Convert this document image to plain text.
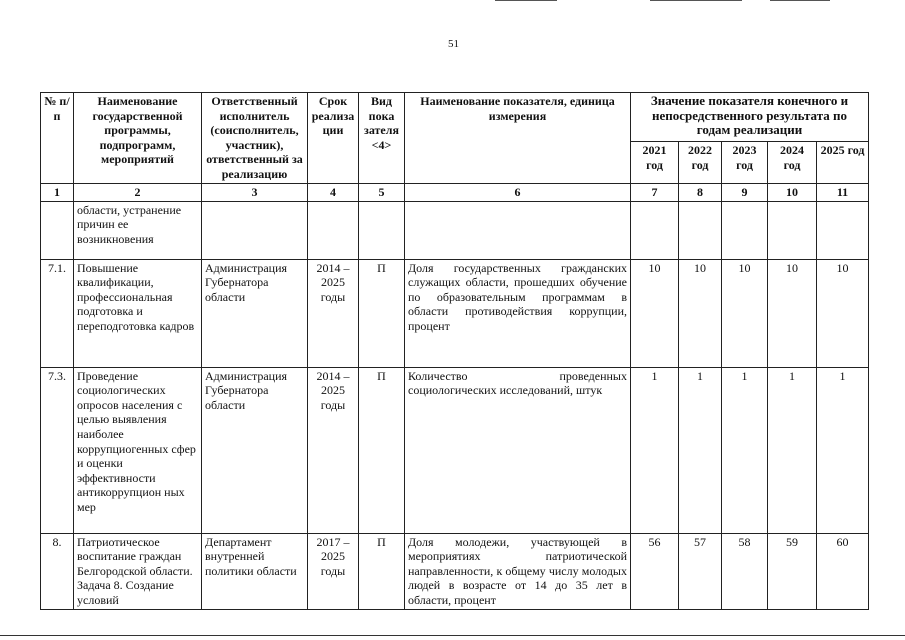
51
№ п/п	Наименование государственной программы, подпрограмм, мероприятий	Ответственный исполнитель (соисполнитель, участник), ответственный за реализацию	Срок реализа ции	Вид пока зателя <4>	Наименование показателя, единица измерения	Значение показателя конечного и непосредственного результата по годам реализации				
						2021 год	2022 год	2023 год	2024 год	2025 год
1	2	3	4	5	6	7	8	9	10	11
	области, устранение причин ее возникновения									
7.1.	Повышение квалификации, профессиональная подготовка и переподготовка кадров	Администрация Губернатора области	2014 – 2025 годы	П	Доля государственных гражданских служащих области, прошедших обучение по образовательным программам в области противодействия коррупции, процент	10	10	10	10	10
7.3.	Проведение социологических опросов населения с целью выявления наиболее коррупциогенных сфер и оценки эффективности антикоррупцион ных мер	Администрация Губернатора области	2014 – 2025 годы	П	Количество проведенных социологических исследований, штук	1	1	1	1	1
8.	Патриотическое воспитание граждан Белгородской области. Задача 8. Создание условий	Департамент внутренней политики области	2017 – 2025 годы	П	Доля молодежи, участвующей в мероприятиях патриотической направленности, к общему числу молодых людей в возрасте от 14 до 35 лет в области, процент	56	57	58	59	60
